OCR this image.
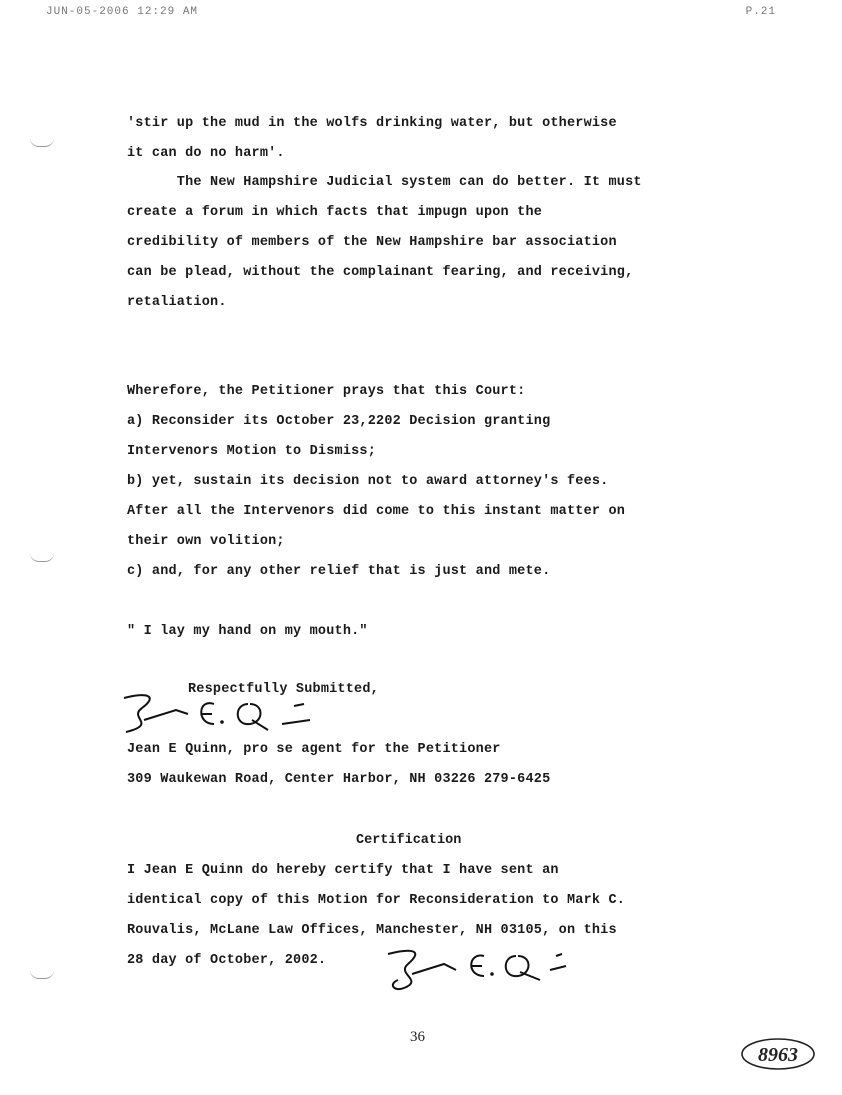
JUN-05-2006 12:29 AM	P.21
'stir up the mud in the wolfs drinking water, but otherwise
it can do no harm'.
The New Hampshire Judicial system can do better. It must
create a forum in which facts that impugn upon the
credibility of members of the New Hampshire bar association
can be plead, without the complainant fearing, and receiving,
retaliation.
Wherefore, the Petitioner prays that this Court:
a) Reconsider its October 23,2202 Decision granting
Intervenors Motion to Dismiss;
b) yet, sustain its decision not to award attorney's fees.
After all the Intervenors did come to this instant matter on
their own volition;
c) and, for any other relief that is just and mete.
" I lay my hand on my mouth."
Respectfully Submitted,
Jean E Quinn, pro se agent for the Petitioner
309 Waukewan Road, Center Harbor, NH 03226 279-6425
Certification
I Jean E Quinn do hereby certify that I have sent an
identical copy of this Motion for Reconsideration to Mark C.
Rouvalis, McLane Law Offices, Manchester, NH 03105, on this
28 day of October, 2002.
36
8963
